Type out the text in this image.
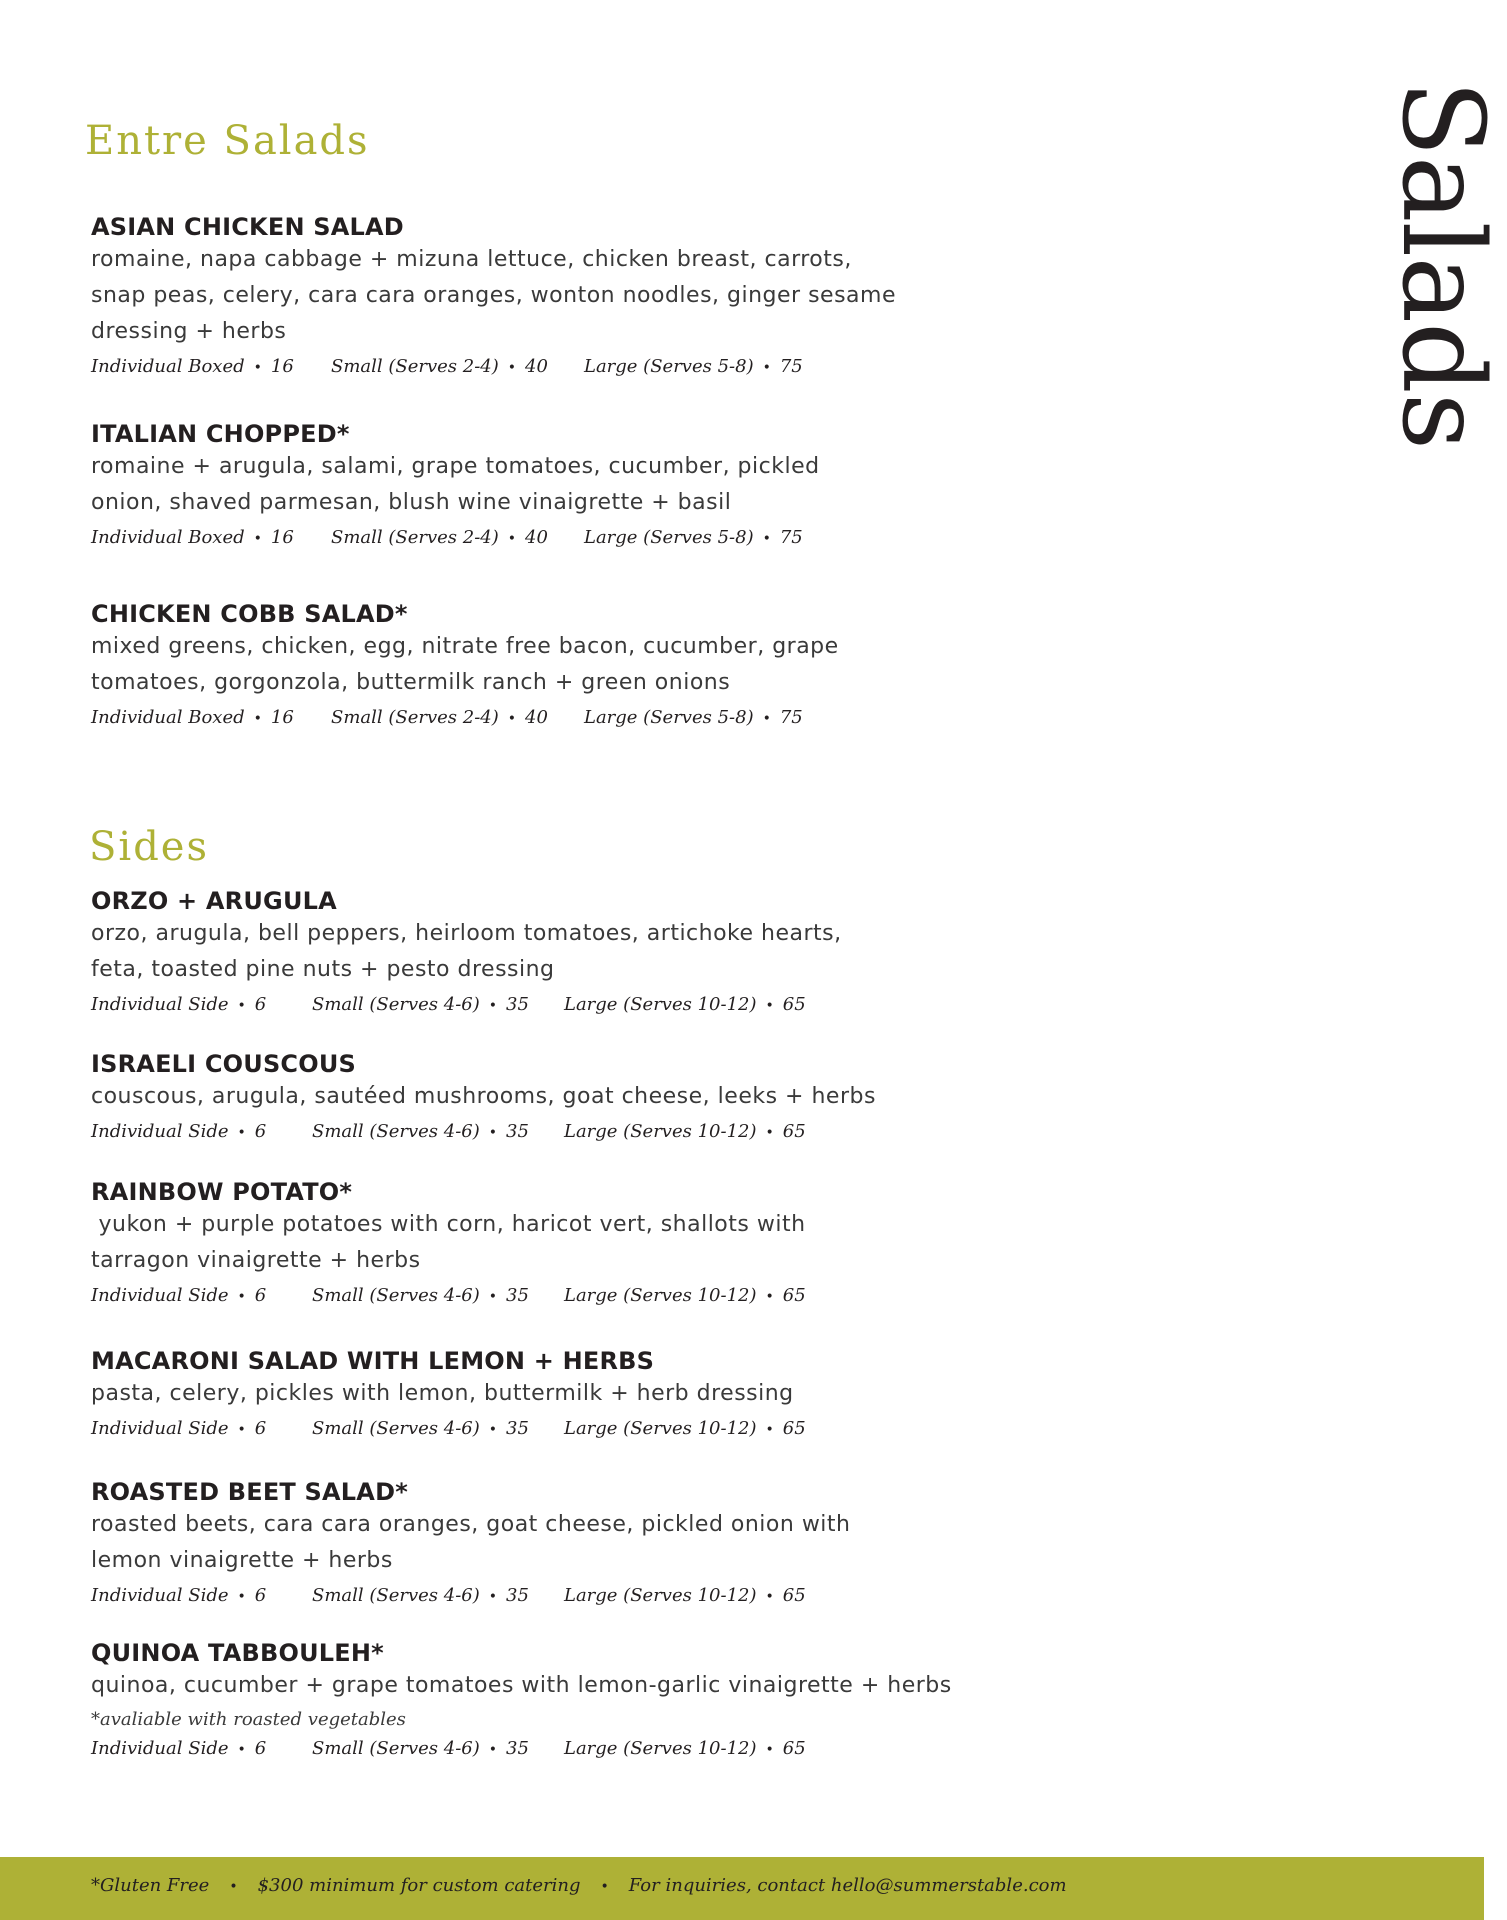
Salads
Entre Salads
ASIAN CHICKEN SALAD

romaine, napa cabbage + mizuna lettuce, chicken breast, carrots,

snap peas, celery, cara cara oranges, wonton noodles, ginger sesame

dressing + herbs

Individual Boxed • 16 Small (Serves 2-4) • 40 Large (Serves 5-8) • 75
ITALIAN CHOPPED*

romaine + arugula, salami, grape tomatoes, cucumber, pickled

onion, shaved parmesan, blush wine vinaigrette + basil

Individual Boxed • 16 Small (Serves 2-4) • 40 Large (Serves 5-8) • 75
CHICKEN COBB SALAD*

mixed greens, chicken, egg, nitrate free bacon, cucumber, grape

tomatoes, gorgonzola, buttermilk ranch + green onions

Individual Boxed • 16 Small (Serves 2-4) • 40 Large (Serves 5-8) • 75
Sides
ORZO + ARUGULA

orzo, arugula, bell peppers, heirloom tomatoes, artichoke hearts,

feta, toasted pine nuts + pesto dressing

Individual Side • 6	Small (Serves 4-6) • 35 Large (Serves 10-12) • 65
ISRAELI COUSCOUS

couscous, arugula, sautéed mushrooms, goat cheese, leeks + herbs

Individual Side • 6	Small (Serves 4-6) • 35 Large (Serves 10-12) • 65
RAINBOW POTATO*

yukon + purple potatoes with corn, haricot vert, shallots with

tarragon vinaigrette + herbs

Individual Side • 6	Small (Serves 4-6) • 35 Large (Serves 10-12) • 65
MACARONI SALAD WITH LEMON + HERBS

pasta, celery, pickles with lemon, buttermilk + herb dressing

Individual Side • 6	Small (Serves 4-6) • 35 Large (Serves 10-12) • 65
ROASTED BEET SALAD*

roasted beets, cara cara oranges, goat cheese, pickled onion with

lemon vinaigrette + herbs

Individual Side • 6	Small (Serves 4-6) • 35 Large (Serves 10-12) • 65
QUINOA TABBOULEH*

quinoa, cucumber + grape tomatoes with lemon-garlic vinaigrette + herbs

*avaliable with roasted vegetables

Individual Side • 6	Small (Serves 4-6) • 35 Large (Serves 10-12) • 65
*Gluten Free • $300 minimum for custom catering • For inquiries, contact hello@summerstable.com
